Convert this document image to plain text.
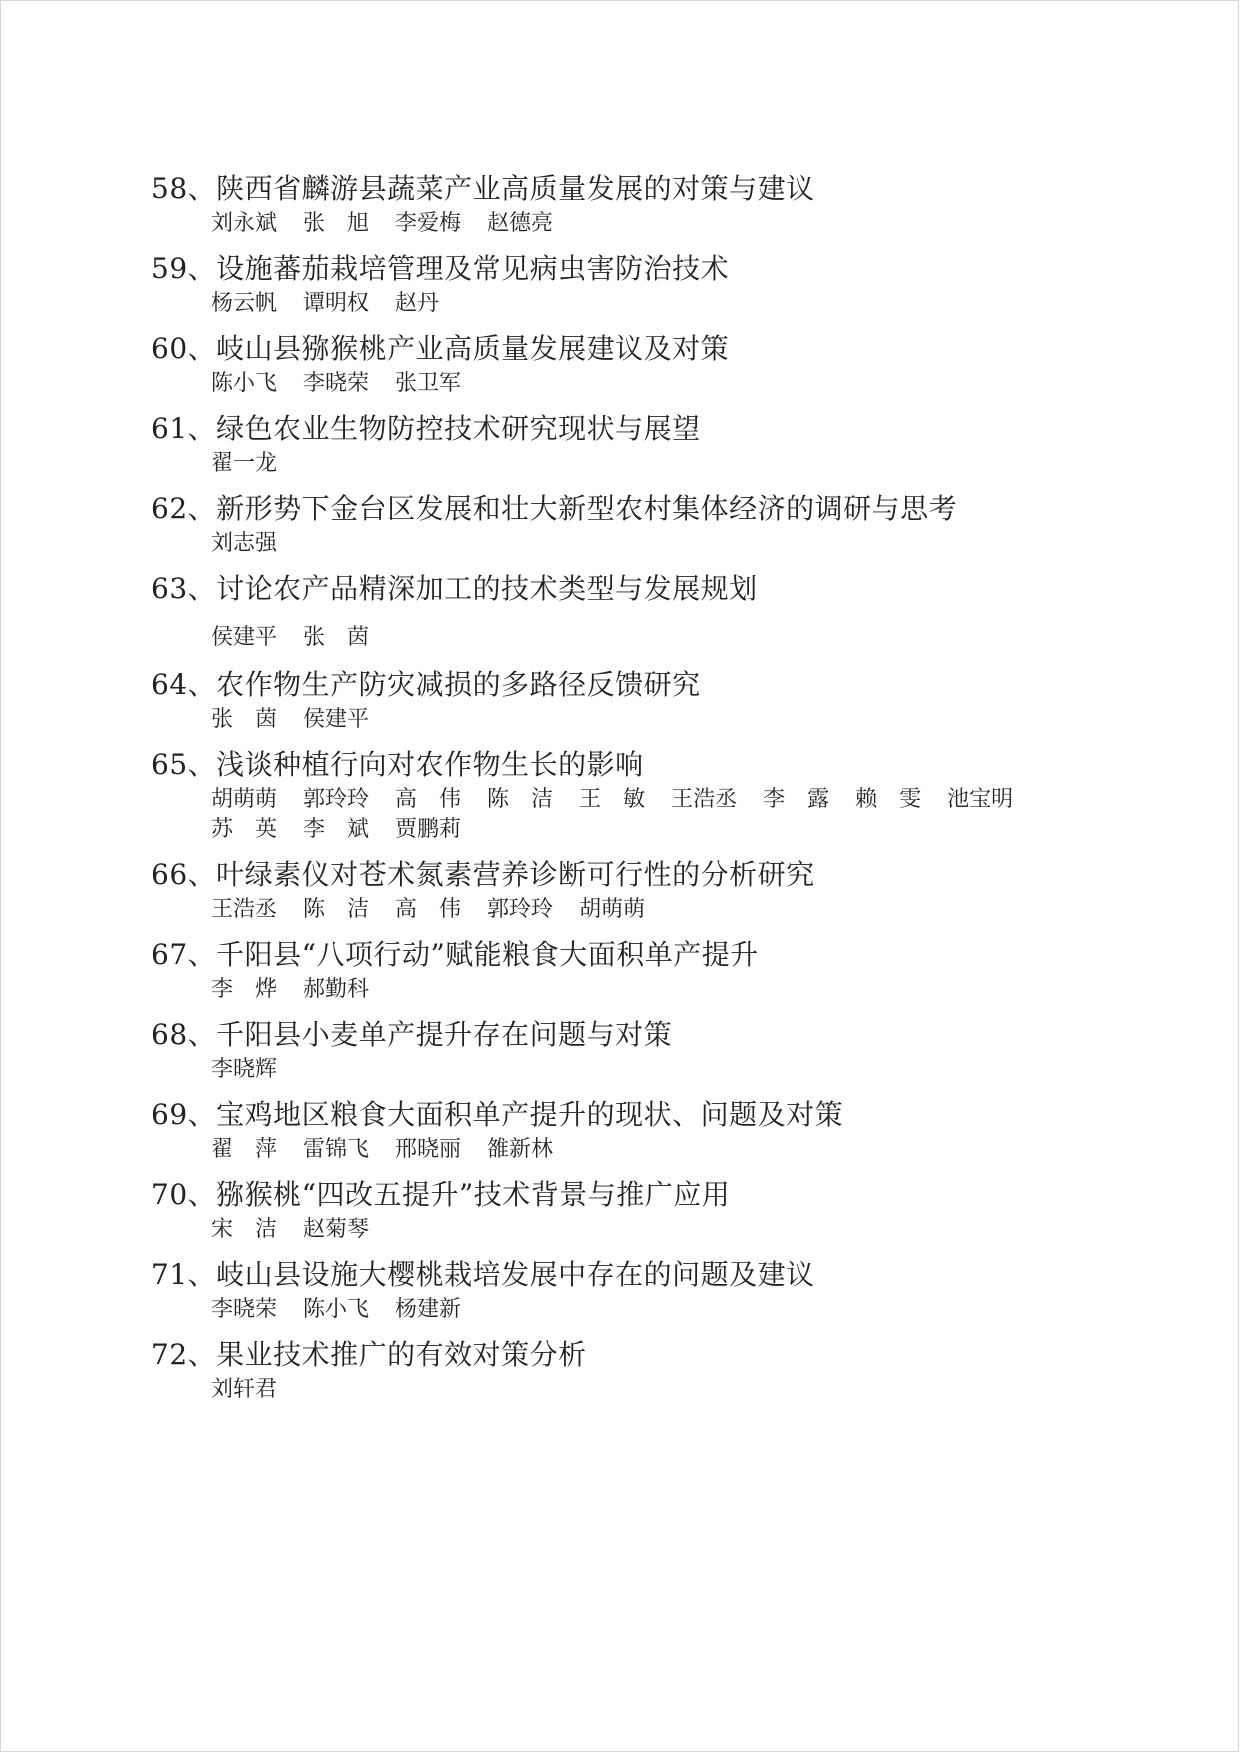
58、陕西省麟游县蔬菜产业高质量发展的对策与建议
刘永斌 张　旭 李爱梅 赵德亮
59、设施蕃茄栽培管理及常见病虫害防治技术
杨云帆 谭明权 赵丹
60、岐山县猕猴桃产业高质量发展建议及对策
陈小飞 李晓荣 张卫军
61、绿色农业生物防控技术研究现状与展望
翟一龙
62、新形势下金台区发展和壮大新型农村集体经济的调研与思考
刘志强
63、讨论农产品精深加工的技术类型与发展规划
侯建平 张　茵
64、农作物生产防灾减损的多路径反馈研究
张　茵 侯建平
65、浅谈种植行向对农作物生长的影响
胡萌萌 郭玲玲 高　伟 陈　洁 王　敏 王浩丞 李　露 赖　雯 池宝明
苏　英 李　斌 贾鹏莉
66、叶绿素仪对苍术氮素营养诊断可行性的分析研究
王浩丞 陈　洁 高　伟 郭玲玲 胡萌萌
67、千阳县“八项行动”赋能粮食大面积单产提升
李　烨 郝勤科
68、千阳县小麦单产提升存在问题与对策
李晓辉
69、宝鸡地区粮食大面积单产提升的现状、问题及对策
翟　萍 雷锦飞 邢晓丽 雒新林
70、猕猴桃“四改五提升”技术背景与推广应用
宋　洁 赵菊琴
71、岐山县设施大樱桃栽培发展中存在的问题及建议
李晓荣 陈小飞 杨建新
72、果业技术推广的有效对策分析
刘轩君
